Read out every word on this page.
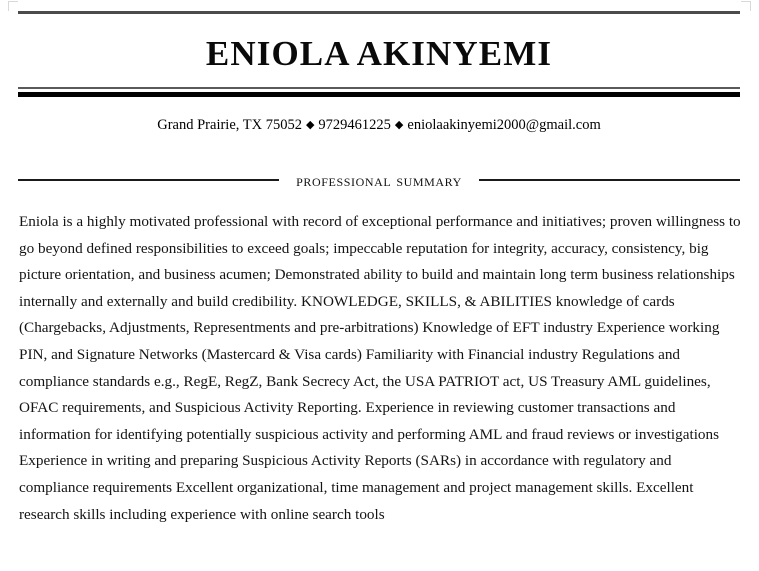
ENIOLA AKINYEMI
Grand Prairie, TX 75052 ◆ 9729461225 ◆ eniolaakinyemi2000@gmail.com
professional summary

Eniola is a highly motivated professional with record of exceptional performance and initiatives; proven willingness to go beyond defined responsibilities to exceed goals; impeccable reputation for integrity, accuracy, consistency, big picture orientation, and business acumen; Demonstrated ability to build and maintain long term business relationships internally and externally and build credibility. KNOWLEDGE, SKILLS, & ABILITIES knowledge of cards (Chargebacks, Adjustments, Representments and pre-arbitrations) Knowledge of EFT industry Experience working PIN, and Signature Networks (Mastercard & Visa cards) Familiarity with Financial industry Regulations and compliance standards e.g., RegE, RegZ, Bank Secrecy Act, the USA PATRIOT act, US Treasury AML guidelines, OFAC requirements, and Suspicious Activity Reporting. Experience in reviewing customer transactions and information for identifying potentially suspicious activity and performing AML and fraud reviews or investigations Experience in writing and preparing Suspicious Activity Reports (SARs) in accordance with regulatory and compliance requirements Excellent organizational, time management and project management skills. Excellent research skills including experience with online search tools
